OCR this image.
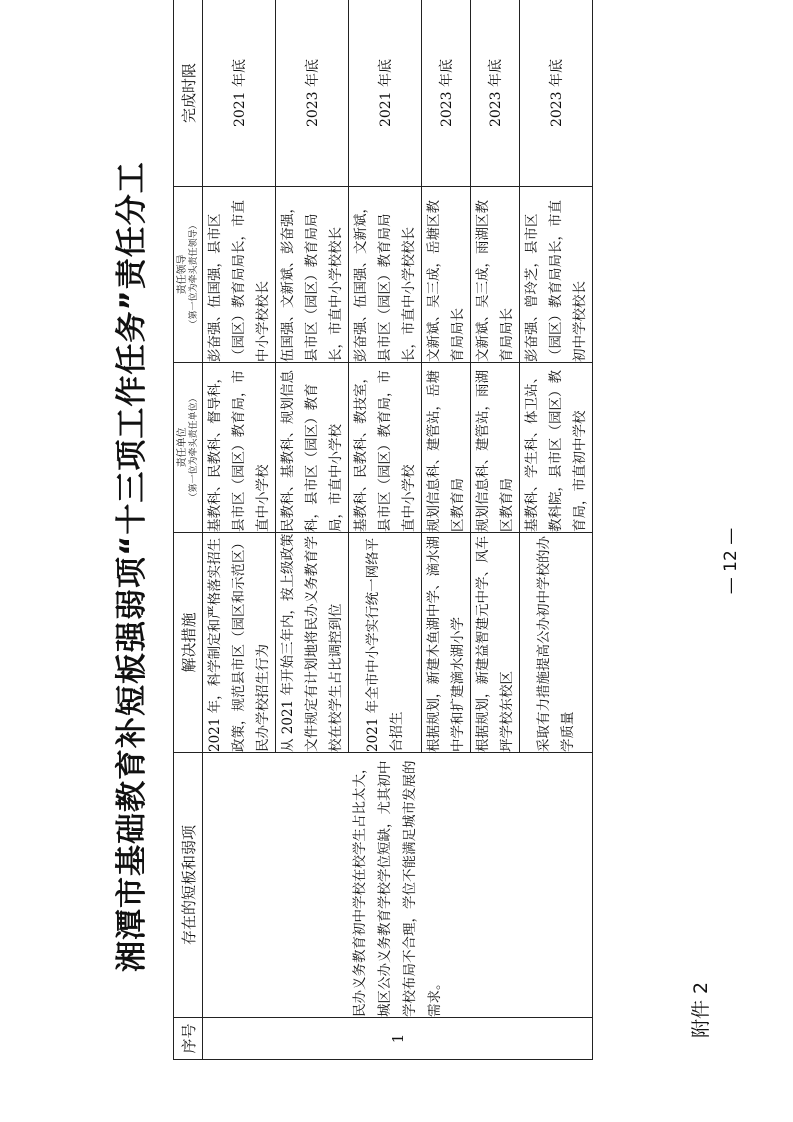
附件 2
湘潭市基础教育补短板强弱项“十三项工作任务”责任分工
序号	存在的短板和弱项	解决措施	责任单位 （第一位为牵头责任单位）	责任领导 （第一位为牵头责任领导）	完成时限
1	民办义务教育初中学校在校学生占比太大，城区公办义务教育学校学位短缺，尤其初中学校布局不合理，学位不能满足城市发展的需求。	2021 年，科学制定和严格落实招生政策，规范县市区（园区和示范区）民办学校招生行为	基教科、民教科、督导科，县市区（园区）教育局，市直中小学校	彭奋强、伍国强，县市区（园区）教育局局长，市直中小学校校长	2021 年底
		从 2021 年开始三年内，按上级政策文件规定有计划地将民办义务教育学校在校学生占比调控到位	民教科、基教科、规划信息科，县市区（园区）教育局，市直中小学校	伍国强、文新斌、彭奋强，县市区（园区）教育局局长，市直中小学校校长	2023 年底
		2021 年全市中小学实行统一网络平台招生	基教科、民教科、教技室，县市区（园区）教育局，市直中小学校	彭奋强、伍国强、文新斌，县市区（园区）教育局局长，市直中小学校校长	2021 年底
		根据规划，新建木鱼湖中学、滴水湖中学和扩建滴水湖小学	规划信息科、建管站，岳塘区教育局	文新斌、吴三成，岳塘区教育局局长	2023 年底
		根据规划，新建益智建元中学、风车坪学校东校区	规划信息科、建管站，雨湖区教育局	文新斌、吴三成，雨湖区教育局局长	2023 年底
		采取有力措施提高公办初中学校的办学质量	基教科、学生科、体卫站、教科院，县市区（园区）教育局，市直初中学校	彭奋强、曾玲芝，县市区（园区）教育局局长，市直初中学校校长	2023 年底
— 12 —
